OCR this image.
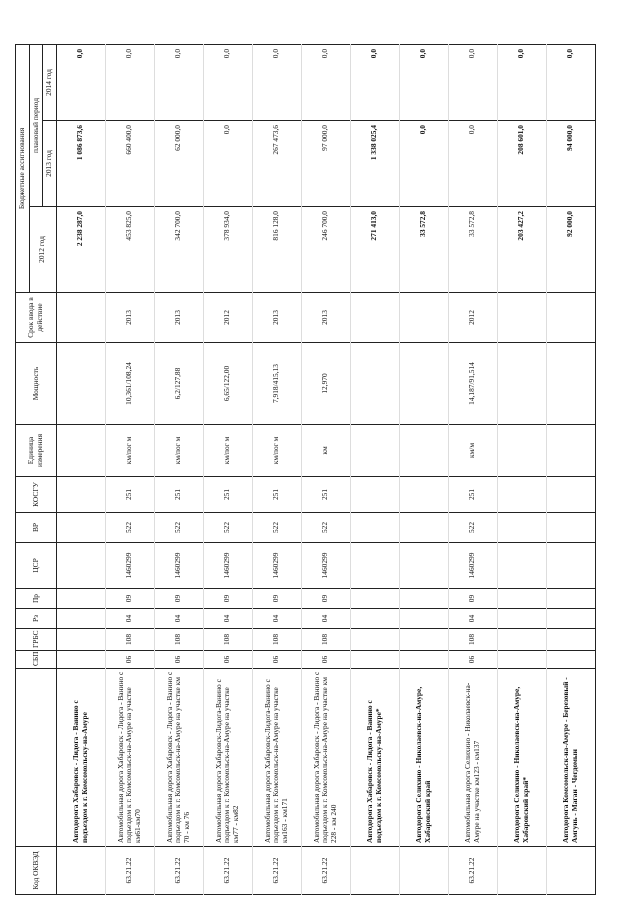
Код ОКВЭД		СБП	ГРБС	Рз	Пр	ЦСР	ВР	КОСГУ	Единица измерения	Мощность	Срок ввода в действие	Бюджетные ассигнования		
												2012 год	плановый период	
													2013 год	2014 год
	Автодорога Хабаровск - Лидога - Ванино с подъездом к г. Комсомольску-на-Амуре											2 238 287,0	1 086 873,6	0,0
63.21.22	Автомобильная дорога Хабаровск - Лидога - Ванино с подъездом к г. Комсомольск-на-Амуре на участке км61-км70	06	108	04	09	1460299	522	251	км/пог м	10,361/108,24	2013	453 825,0	660 400,0	0,0
63.21.22	Автомобильная дорога Хабаровск - Лидога - Ванино с подъездом к г. Комсомольск-на-Амуре на участке км 70 - км 76	06	108	04	09	1460299	522	251	км/пог м	6,2/127,88	2013	342 700,0	62 000,0	0,0
63.21.22	Автомобильная дорога Хабаровск-Лидога-Ванино с подъездом к г. Комсомольск-на-Амуре на участке км77 - км82	06	108	04	09	1460299	522	251	км/пог м	6,65/122,00	2012	378 934,0	0,0	0,0
63.21.22	Автомобильная дорога Хабаровск-Лидога-Ванино с подъездом к г. Комсомольск-на-Амуре на участке км163 - км171	06	108	04	09	1460299	522	251	км/пог м	7,918/415,13	2013	816 128,0	267 473,6	0,0
63.21.22	Автомобильная дорога Хабаровск - Лидога - Ванино с подъездом к г. Комсомольск-на-Амуре на участке км 228 - км 240	06	108	04	09	1460299	522	251	км	12,970	2013	246 700,0	97 000,0	0,0
	Автодорога Хабаровск - Лидога - Ванино с подъездом к г. Комсомольску-на-Амуре*											271 413,0	1 338 025,4	0,0
	Автодорога Селихино - Николаевск-на-Амуре, Хабаровский край											33 572,8	0,0	0,0
63.21.22	Автомобильная дорога Селихино - Николаевск-на-Амуре на участке км123 - км137	06	108	04	09	1460299	522	251	км/м	14,187/91,514	2012	33 572,8	0,0	0,0
	Автодорога Селихино - Николаевск-на-Амуре, Хабаровский край*											203 427,2	208 601,0	0,0
	Автодорога Комсомольск-на-Амуре - Березовый - Амгунь - Маган - Чегдомын											92 000,0	94 000,0	0,0
